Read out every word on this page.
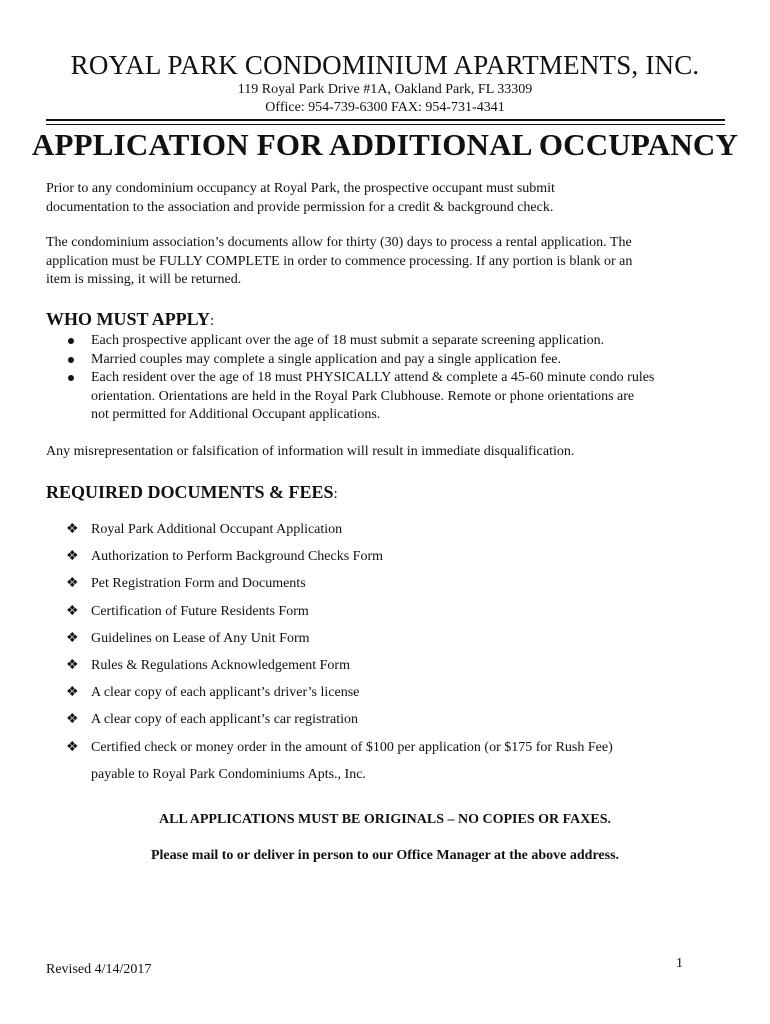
ROYAL PARK CONDOMINIUM APARTMENTS, INC.
119 Royal Park Drive #1A, Oakland Park, FL 33309
Office: 954-739-6300 FAX: 954-731-4341
APPLICATION FOR ADDITIONAL OCCUPANCY
Prior to any condominium occupancy at Royal Park, the prospective occupant must submit
documentation to the association and provide permission for a credit & background check.
The condominium association’s documents allow for thirty (30) days to process a rental application. The
application must be FULLY COMPLETE in order to commence processing. If any portion is blank or an
item is missing, it will be returned.
WHO MUST APPLY:
Each prospective applicant over the age of 18 must submit a separate screening application.
Married couples may complete a single application and pay a single application fee.
Each resident over the age of 18 must PHYSICALLY attend & complete a 45-60 minute condo rules
orientation. Orientations are held in the Royal Park Clubhouse. Remote or phone orientations are
not permitted for Additional Occupant applications.
Any misrepresentation or falsification of information will result in immediate disqualification.
REQUIRED DOCUMENTS & FEES:
❖ Royal Park Additional Occupant Application
❖ Authorization to Perform Background Checks Form
❖ Pet Registration Form and Documents
❖ Certification of Future Residents Form
❖ Guidelines on Lease of Any Unit Form
❖ Rules & Regulations Acknowledgement Form
❖ A clear copy of each applicant’s driver’s license
❖ A clear copy of each applicant’s car registration
❖ Certified check or money order in the amount of $100 per application (or $175 for Rush Fee)
payable to Royal Park Condominiums Apts., Inc.
ALL APPLICATIONS MUST BE ORIGINALS – NO COPIES OR FAXES.
Please mail to or deliver in person to our Office Manager at the above address.
Revised 4/14/2017	1
